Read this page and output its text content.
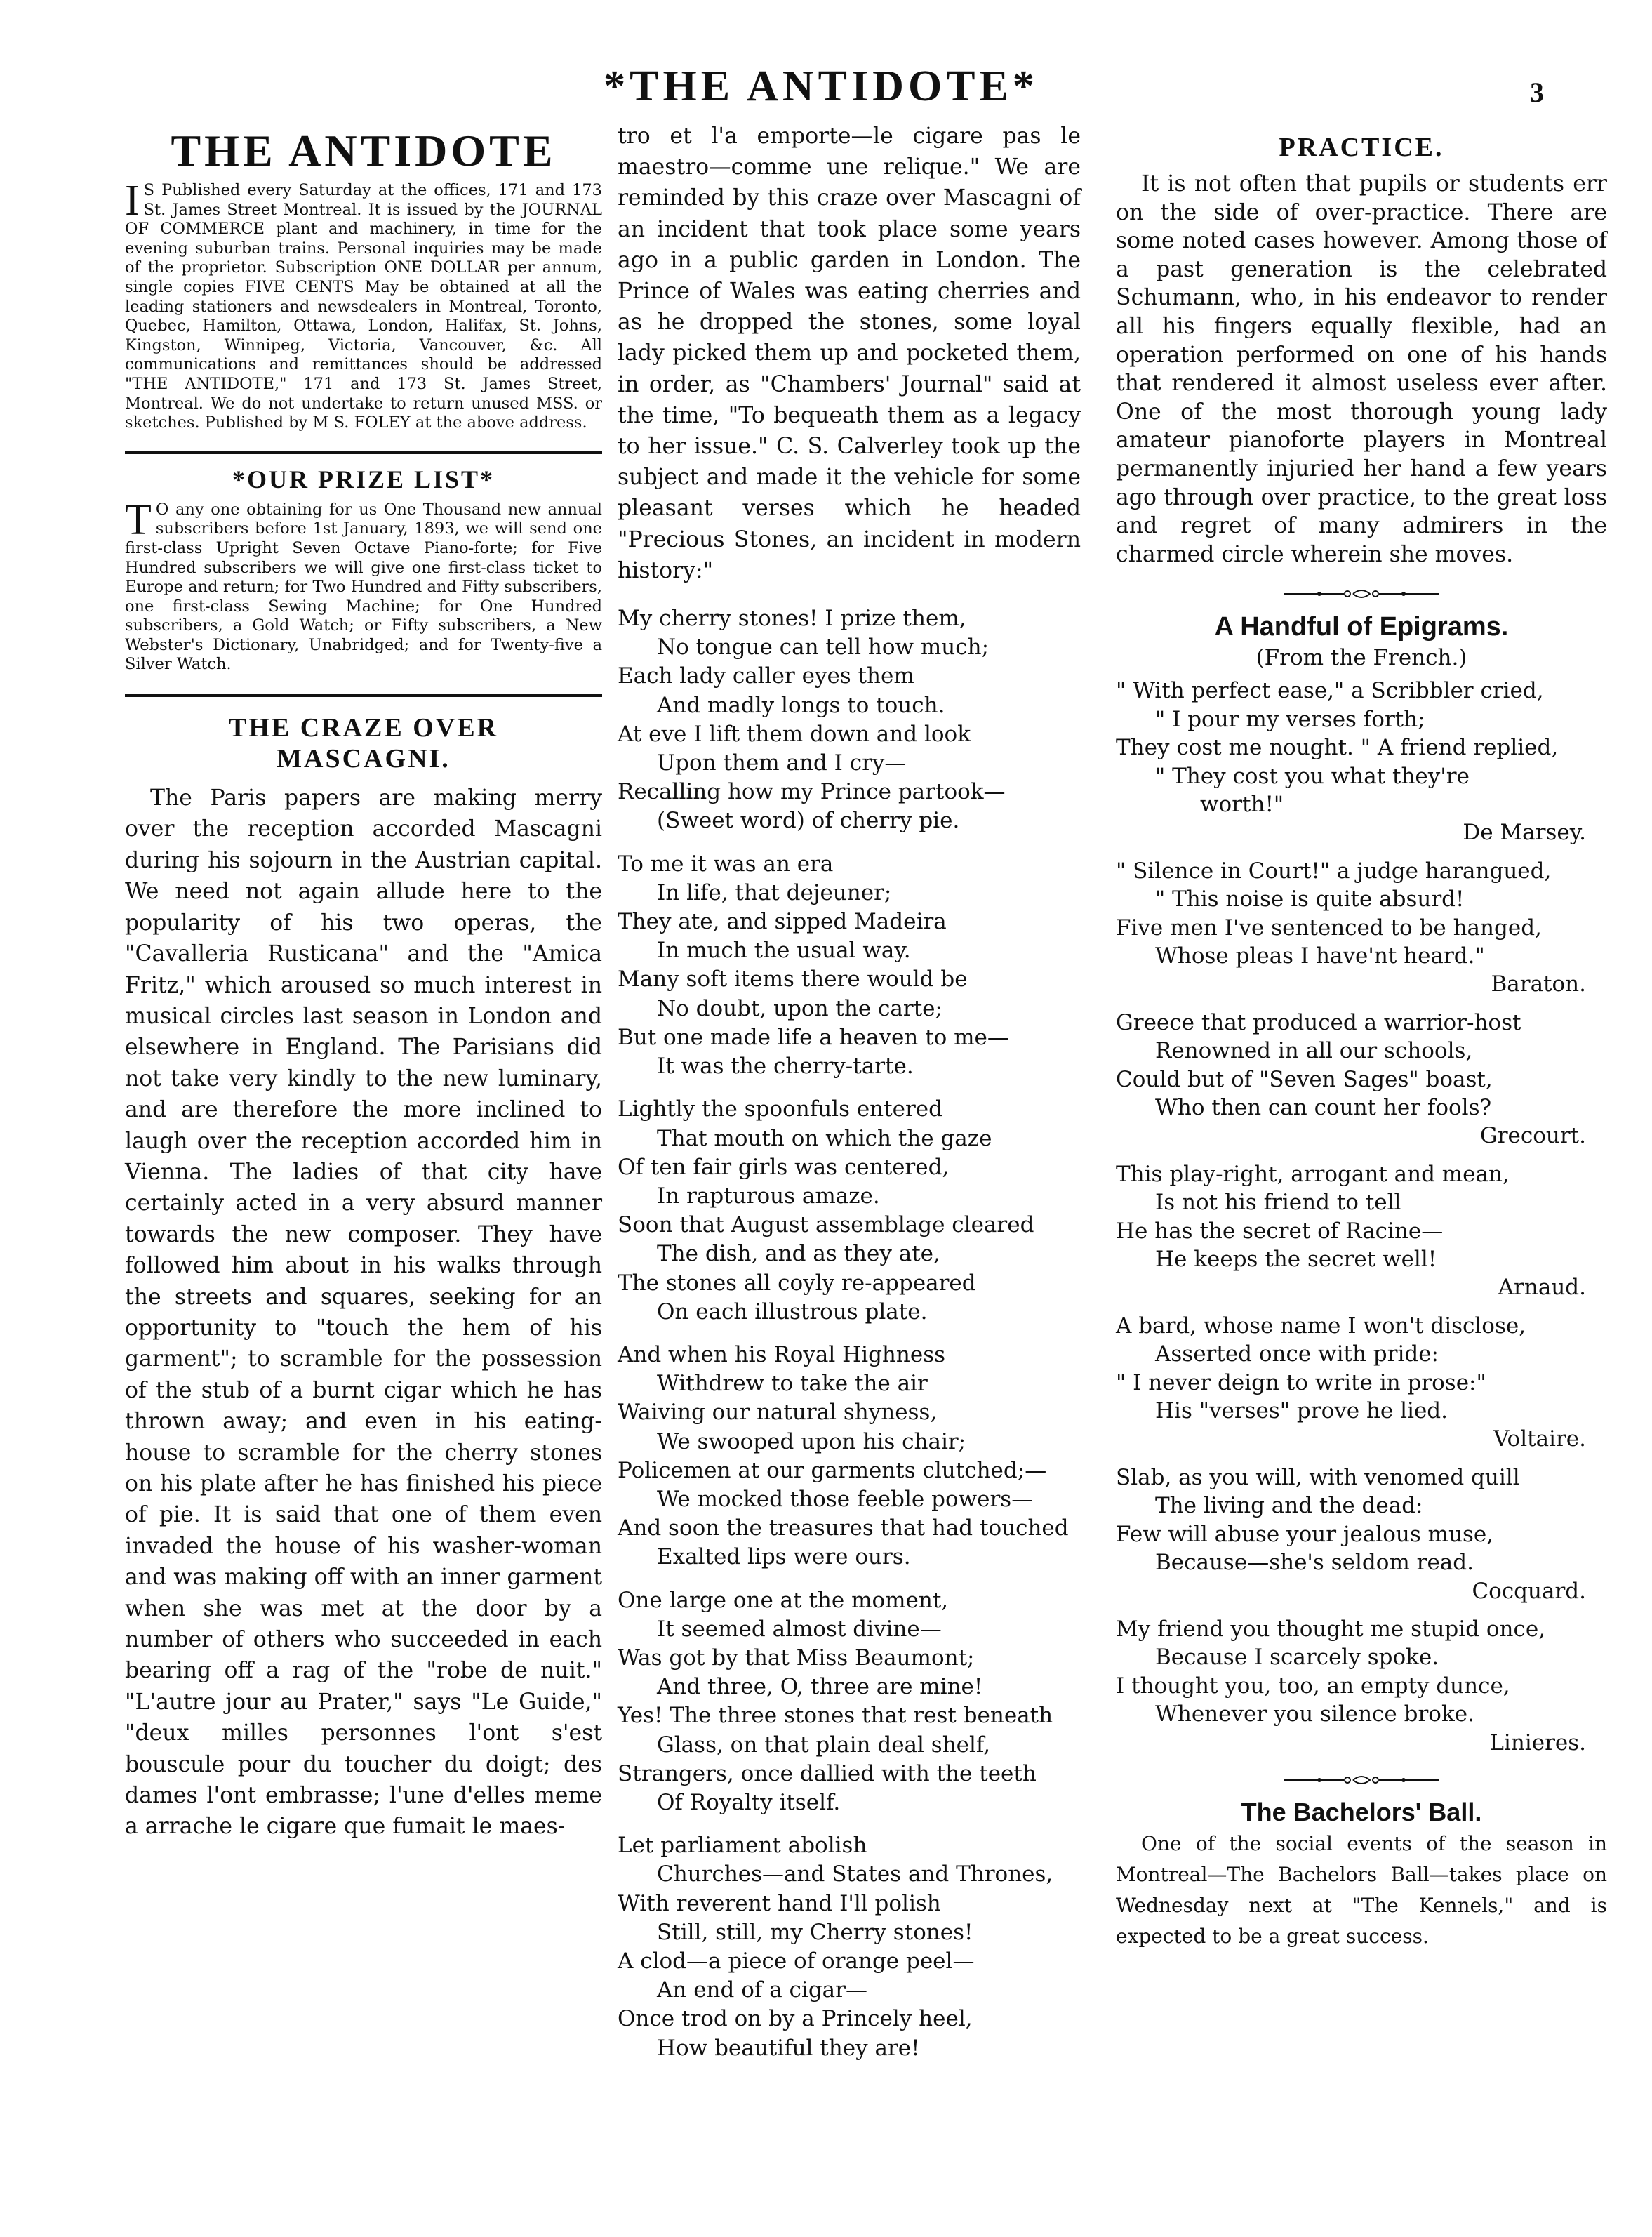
*THE ANTIDOTE*	3
THE ANTIDOTE

I S Published every Saturday at the offices, 171 and 173 St. James Street Montreal. It is issued by the JOURNAL OF COMMERCE plant and machinery, in time for the evening suburban trains. Personal inquiries may be made of the proprietor. Subscription ONE DOLLAR per annum, single copies FIVE CENTS May be obtained at all the leading stationers and newsdealers in Montreal, Toronto, Quebec, Hamilton, Ottawa, London, Halifax, St. Johns, Kingston, Winnipeg, Victoria, Vancouver, &c. All communications and remittances should be addressed "THE ANTIDOTE," 171 and 173 St. James Street, Montreal. We do not undertake to return unused MSS. or sketches. Published by M S. FOLEY at the above address.

*OUR PRIZE LIST*

T O any one obtaining for us One Thousand new annual subscribers before 1st January, 1893, we will send one first-class Upright Seven Octave Piano-forte; for Five Hundred subscribers we will give one first-class ticket to Europe and return; for Two Hundred and Fifty subscribers, one first-class Sewing Machine; for One Hundred subscribers, a Gold Watch; or Fifty subscribers, a New Webster's Dictionary, Unabridged; and for Twenty-five a Silver Watch.

THE CRAZE OVER
MASCAGNI.

The Paris papers are making merry over the reception accorded Mascagni during his sojourn in the Austrian capital. We need not again allude here to the popularity of his two operas, the "Cavalleria Rusticana" and the "Amica Fritz," which aroused so much interest in musical circles last season in London and elsewhere in England. The Parisians did not take very kindly to the new luminary, and are therefore the more inclined to laugh over the reception accorded him in Vienna. The ladies of that city have certainly acted in a very absurd manner towards the new composer. They have followed him about in his walks through the streets and squares, seeking for an opportunity to "touch the hem of his garment"; to scramble for the possession of the stub of a burnt cigar which he has thrown away; and even in his eating-house to scramble for the cherry stones on his plate after he has finished his piece of pie. It is said that one of them even invaded the house of his washer-woman and was making off with an inner garment when she was met at the door by a number of others who succeeded in each bearing off a rag of the "robe de nuit." "L'autre jour au Prater," says "Le Guide," "deux milles personnes l'ont s'est bouscule pour du toucher du doigt; des dames l'ont embrasse; l'une d'elles meme a arrache le cigare que fumait le maes-

tro et l'a emporte—le cigare pas le maestro—comme une relique." We are reminded by this craze over Mascagni of an incident that took place some years ago in a public garden in London. The Prince of Wales was eating cherries and as he dropped the stones, some loyal lady picked them up and pocketed them, in order, as "Chambers' Journal" said at the time, "To bequeath them as a legacy to her issue." C. S. Calverley took up the subject and made it the vehicle for some pleasant verses which he headed "Precious Stones, an incident in modern history:"

My cherry stones! I prize them,
No tongue can tell how much;
Each lady caller eyes them
And madly longs to touch.
At eve I lift them down and look
Upon them and I cry—
Recalling how my Prince partook—
(Sweet word) of cherry pie.
To me it was an era
In life, that dejeuner;
They ate, and sipped Madeira
In much the usual way.
Many soft items there would be
No doubt, upon the carte;
But one made life a heaven to me—
It was the cherry-tarte.
Lightly the spoonfuls entered
That mouth on which the gaze
Of ten fair girls was centered,
In rapturous amaze.
Soon that August assemblage cleared
The dish, and as they ate,
The stones all coyly re-appeared
On each illustrous plate.
And when his Royal Highness
Withdrew to take the air
Waiving our natural shyness,
We swooped upon his chair;
Policemen at our garments clutched;—
We mocked those feeble powers—
And soon the treasures that had touched
Exalted lips were ours.
One large one at the moment,
It seemed almost divine—
Was got by that Miss Beaumont;
And three, O, three are mine!
Yes! The three stones that rest beneath
Glass, on that plain deal shelf,
Strangers, once dallied with the teeth
Of Royalty itself.
Let parliament abolish
Churches—and States and Thrones,
With reverent hand I'll polish
Still, still, my Cherry stones!
A clod—a piece of orange peel—
An end of a cigar—
Once trod on by a Princely heel,
How beautiful they are!
PRACTICE.

It is not often that pupils or students err on the side of over-practice. There are some noted cases however. Among those of a past generation is the celebrated Schumann, who, in his endeavor to render all his fingers equally flexible, had an operation performed on one of his hands that rendered it almost useless ever after. One of the most thorough young lady amateur pianoforte players in Montreal permanently injuried her hand a few years ago through over practice, to the great loss and regret of many admirers in the charmed circle wherein she moves.

A Handful of Epigrams.

(From the French.)

" With perfect ease," a Scribbler cried,
" I pour my verses forth;
They cost me nought. " A friend replied,
" They cost you what they're
worth!"
De Marsey.
" Silence in Court!" a judge harangued,
" This noise is quite absurd!
Five men I've sentenced to be hanged,
Whose pleas I have'nt heard."
Baraton.
Greece that produced a warrior-host
Renowned in all our schools,
Could but of "Seven Sages" boast,
Who then can count her fools?
Grecourt.
This play-right, arrogant and mean,
Is not his friend to tell
He has the secret of Racine—
He keeps the secret well!
Arnaud.
A bard, whose name I won't disclose,
Asserted once with pride:
" I never deign to write in prose:"
His "verses" prove he lied.
Voltaire.
Slab, as you will, with venomed quill
The living and the dead:
Few will abuse your jealous muse,
Because—she's seldom read.
Cocquard.
My friend you thought me stupid once,
Because I scarcely spoke.
I thought you, too, an empty dunce,
Whenever you silence broke.
Linieres.

The Bachelors' Ball.

One of the social events of the season in Montreal—The Bachelors Ball—takes place on Wednesday next at "The Kennels," and is expected to be a great success.
